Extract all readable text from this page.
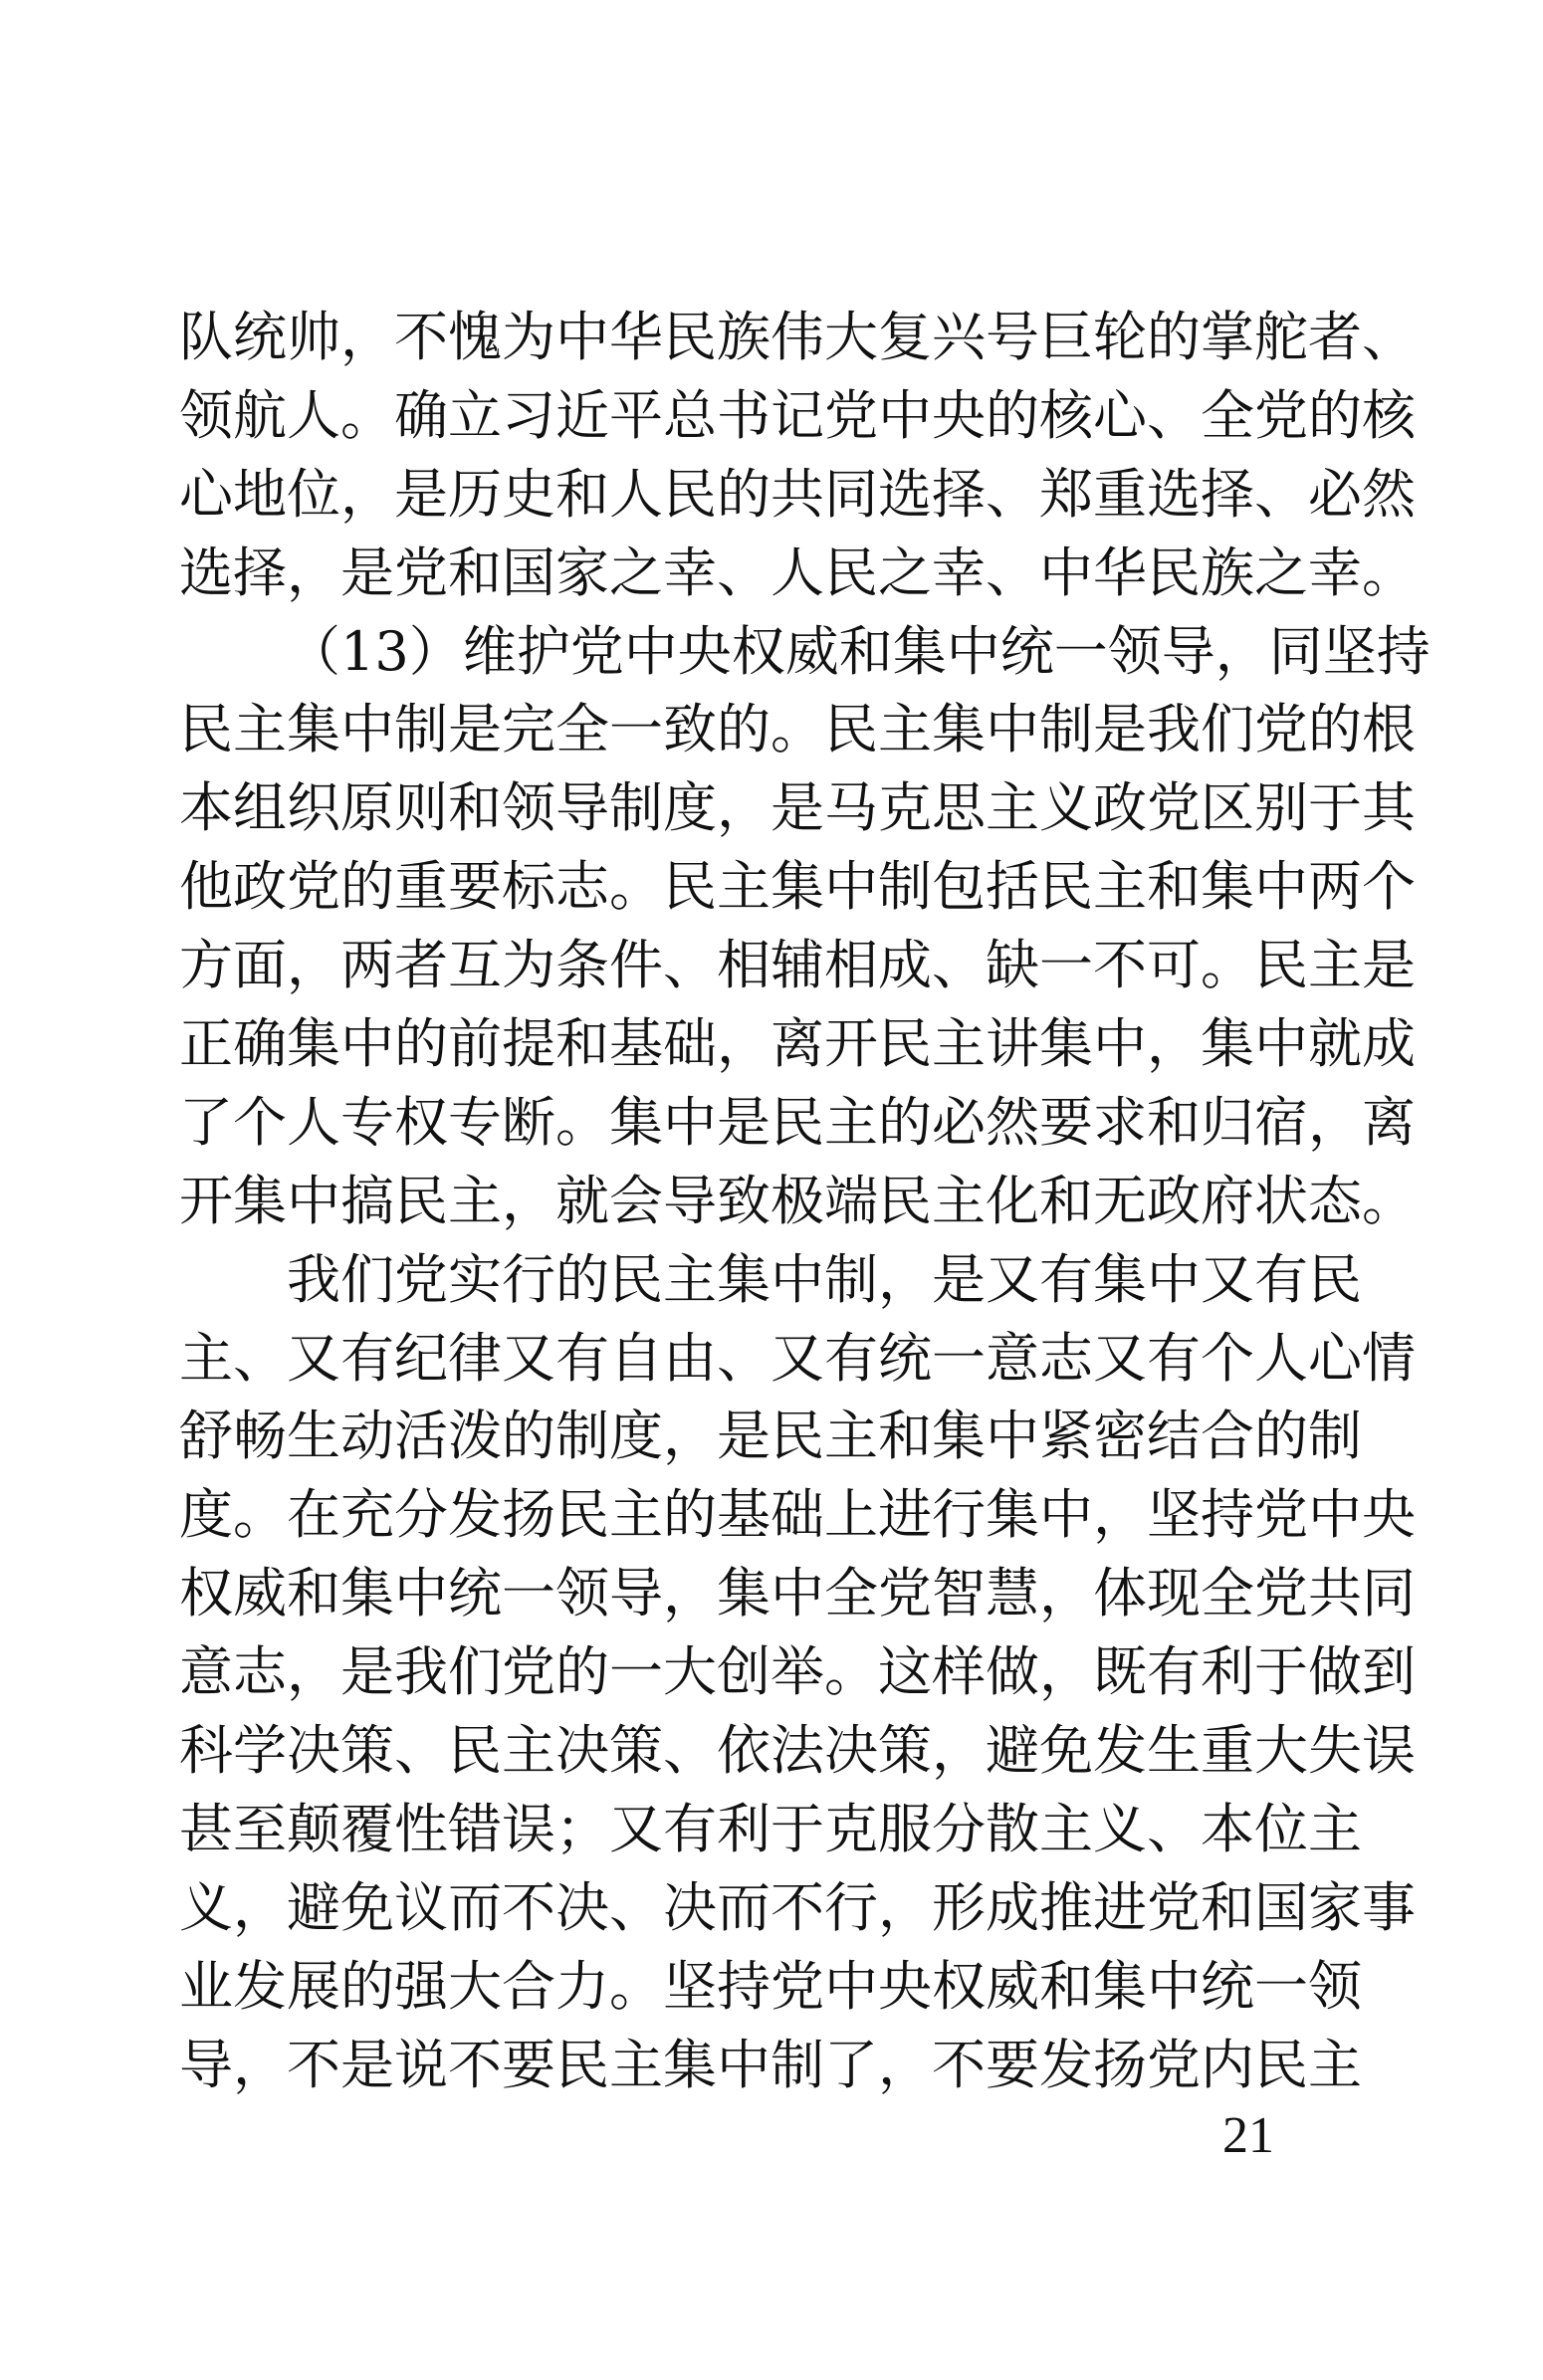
队统帅，不愧为中华民族伟大复兴号巨轮的掌舵者、
领航人。确立习近平总书记党中央的核心、全党的核
心地位，是历史和人民的共同选择、郑重选择、必然
选择，是党和国家之幸、人民之幸、中华民族之幸。
（13）维护党中央权威和集中统一领导，同坚持
民主集中制是完全一致的。民主集中制是我们党的根
本组织原则和领导制度，是马克思主义政党区别于其
他政党的重要标志。民主集中制包括民主和集中两个
方面，两者互为条件、相辅相成、缺一不可。民主是
正确集中的前提和基础，离开民主讲集中，集中就成
了个人专权专断。集中是民主的必然要求和归宿，离
开集中搞民主，就会导致极端民主化和无政府状态。
我们党实行的民主集中制，是又有集中又有民
主、又有纪律又有自由、又有统一意志又有个人心情
舒畅生动活泼的制度，是民主和集中紧密结合的制
度。在充分发扬民主的基础上进行集中，坚持党中央
权威和集中统一领导，集中全党智慧，体现全党共同
意志，是我们党的一大创举。这样做，既有利于做到
科学决策、民主决策、依法决策，避免发生重大失误
甚至颠覆性错误；又有利于克服分散主义、本位主
义，避免议而不决、决而不行，形成推进党和国家事
业发展的强大合力。坚持党中央权威和集中统一领
导，不是说不要民主集中制了，不要发扬党内民主
21
